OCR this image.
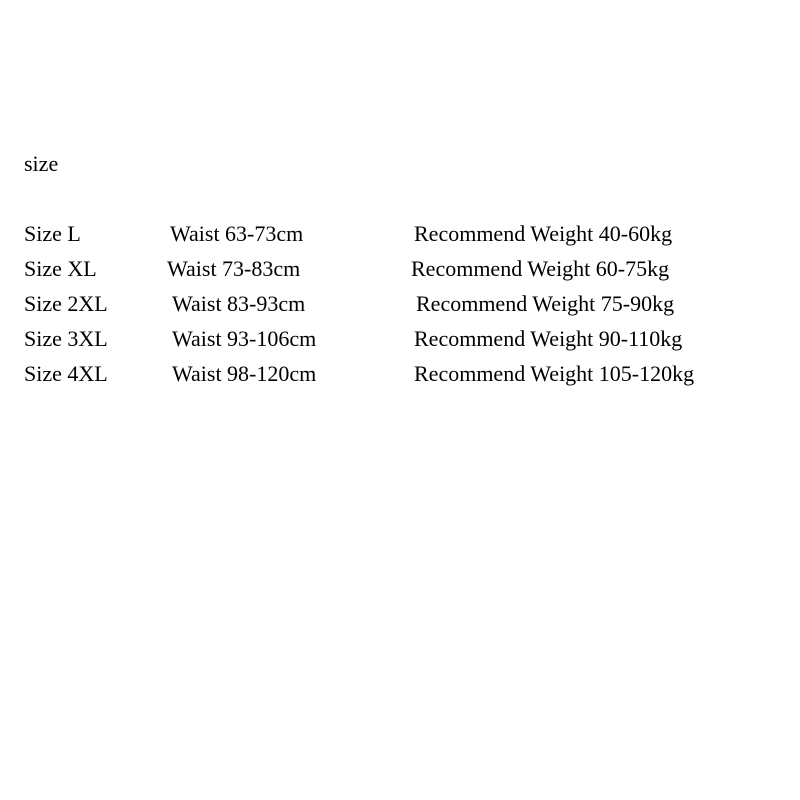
size
Size L	Waist 63-73cm	Recommend Weight 40-60kg
Size XL	Waist 73-83cm	Recommend Weight 60-75kg
Size 2XL	Waist 83-93cm	Recommend Weight 75-90kg
Size 3XL	Waist 93-106cm	Recommend Weight 90-110kg
Size 4XL	Waist 98-120cm	Recommend Weight 105-120kg
